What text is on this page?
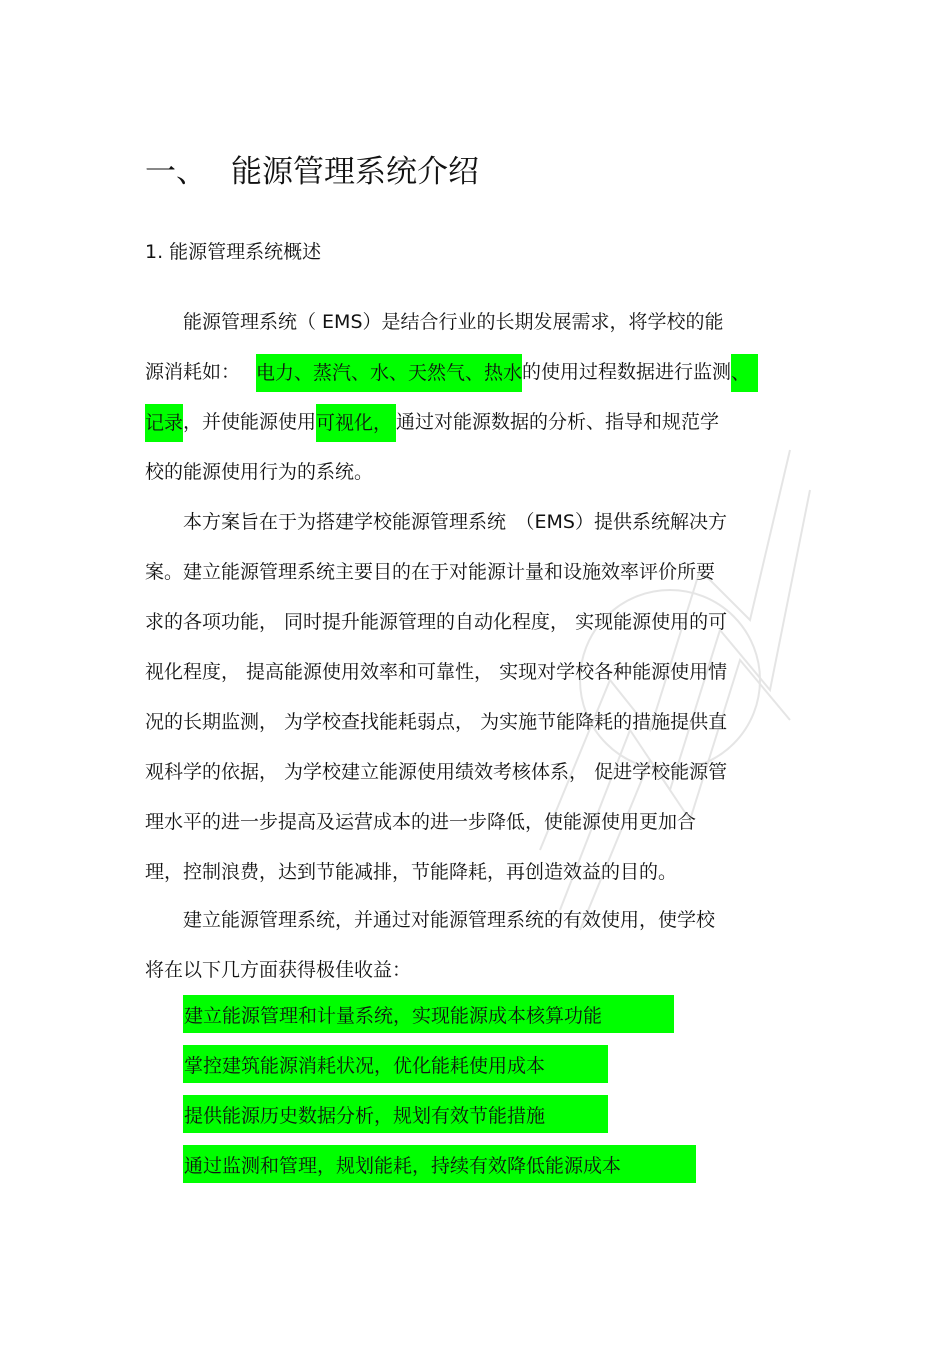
一、 能源管理系统介绍
1. 能源管理系统概述
能源管理系统（ EMS）是结合行业的长期发展需求，将学校的能
源消耗如： 电力、蒸汽、水、天然气、热水的使用过程数据进行监测、
记录，并使能源使用可视化， 通过对能源数据的分析、指导和规范学
校的能源使用行为的系统。
本方案旨在于为搭建学校能源管理系统　（EMS）提供系统解决方
案。建立能源管理系统主要目的在于对能源计量和设施效率评价所要
求的各项功能， 同时提升能源管理的自动化程度， 实现能源使用的可
视化程度， 提高能源使用效率和可靠性， 实现对学校各种能源使用情
况的长期监测， 为学校查找能耗弱点， 为实施节能降耗的措施提供直
观科学的依据， 为学校建立能源使用绩效考核体系， 促进学校能源管
理水平的进一步提高及运营成本的进一步降低，使能源使用更加合
理，控制浪费，达到节能减排，节能降耗，再创造效益的目的。
建立能源管理系统，并通过对能源管理系统的有效使用，使学校
将在以下几方面获得极佳收益：
建立能源管理和计量系统，实现能源成本核算功能
掌控建筑能源消耗状况，优化能耗使用成本
提供能源历史数据分析，规划有效节能措施
通过监测和管理，规划能耗，持续有效降低能源成本
